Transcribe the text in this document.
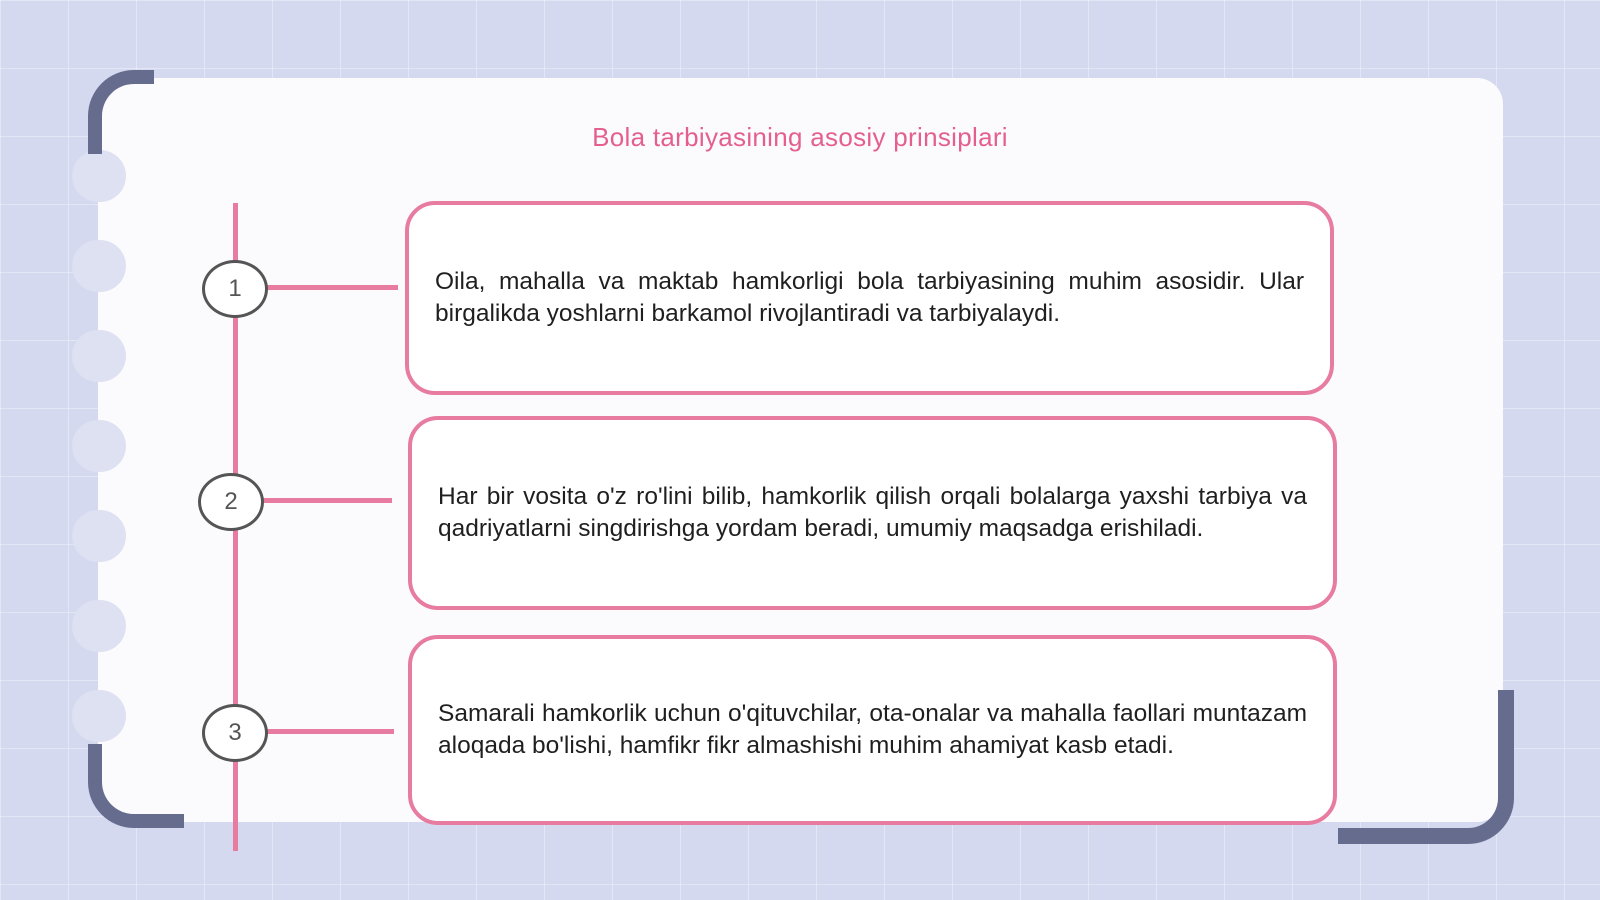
Bola tarbiyasining asosiy prinsiplari
1
2
3

Oila, mahalla va maktab hamkorligi bola tarbiyasining muhim asosidir. Ular birgalikda yoshlarni barkamol rivojlantiradi va tarbiyalaydi.

Har bir vosita o'z ro'lini bilib, hamkorlik qilish orqali bolalarga yaxshi tarbiya va qadriyatlarni singdirishga yordam beradi, umumiy maqsadga erishiladi.

Samarali hamkorlik uchun o'qituvchilar, ota-onalar va mahalla faollari muntazam aloqada bo'lishi, hamfikr fikr almashishi muhim ahamiyat kasb etadi.
